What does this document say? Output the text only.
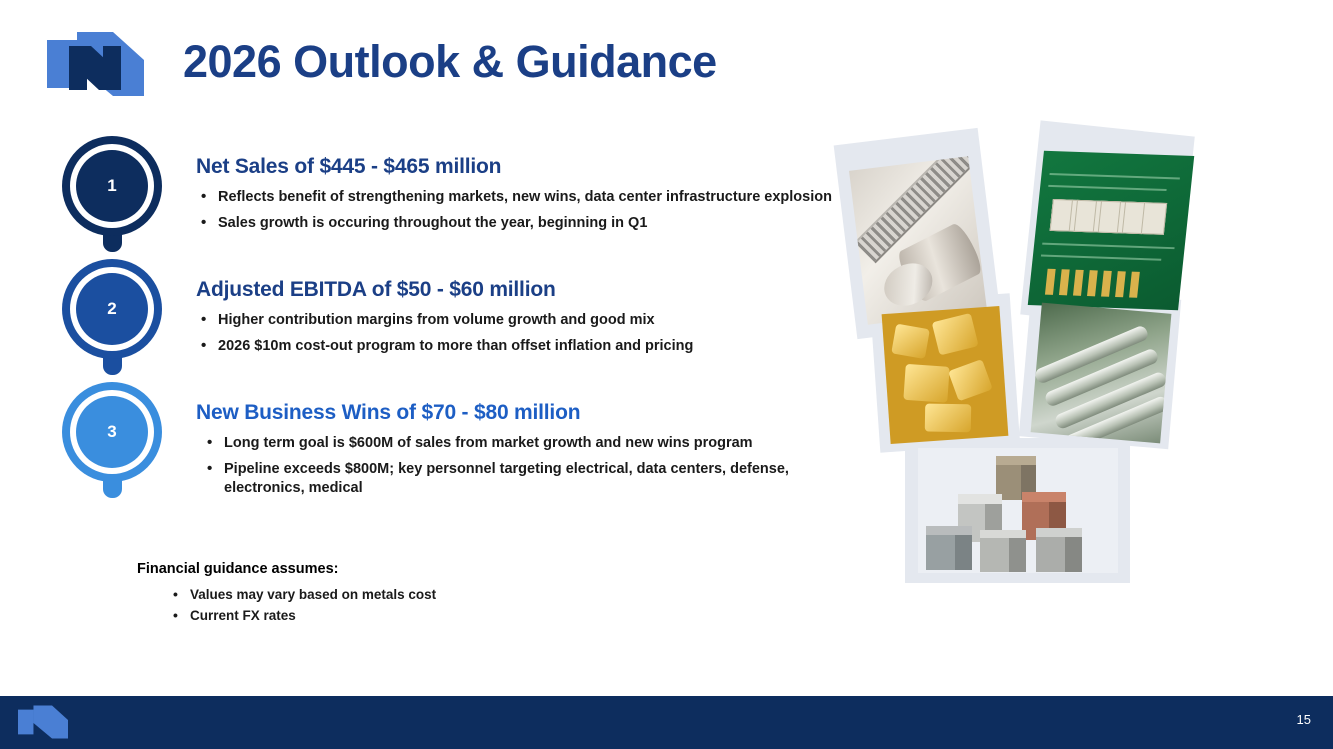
2026 Outlook & Guidance
1
2
3
Net Sales of $445 - $465 million
• Reflects benefit of strengthening markets, new wins, data center infrastructure explosion
• Sales growth is occuring throughout the year, beginning in Q1
Adjusted EBITDA of $50 - $60 million
• Higher contribution margins from volume growth and good mix
• 2026 $10m cost-out program to more than offset inflation and pricing
New Business Wins of $70 - $80 million
• Long term goal is $600M of sales from market growth and new wins program
• Pipeline exceeds $800M; key personnel targeting electrical, data centers, defense, electronics, medical
Financial guidance assumes:
• Values may vary based on metals cost
• Current FX rates
15
